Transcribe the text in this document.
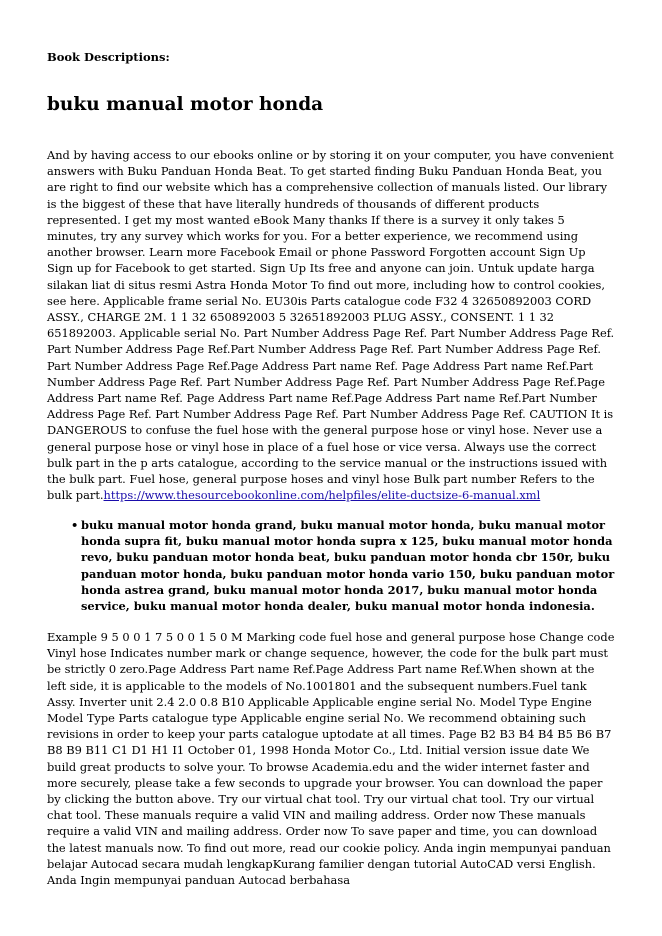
Book Descriptions:

buku manual motor honda

And by having access to our ebooks online or by storing it on your computer, you have convenient answers with Buku Panduan Honda Beat. To get started finding Buku Panduan Honda Beat, you are right to find our website which has a comprehensive collection of manuals listed. Our library is the biggest of these that have literally hundreds of thousands of different products represented. I get my most wanted eBook Many thanks If there is a survey it only takes 5 minutes, try any survey which works for you. For a better experience, we recommend using another browser. Learn more Facebook Email or phone Password Forgotten account Sign Up Sign up for Facebook to get started. Sign Up Its free and anyone can join. Untuk update harga silakan liat di situs resmi Astra Honda Motor To find out more, including how to control cookies, see here. Applicable frame serial No. EU30is Parts catalogue code F32 4 32650892003 CORD ASSY., CHARGE 2M. 1 1 32 650892003 5 32651892003 PLUG ASSY., CONSENT. 1 1 32 651892003. Applicable serial No. Part Number Address Page Ref. Part Number Address Page Ref. Part Number Address Page Ref.Part Number Address Page Ref. Part Number Address Page Ref. Part Number Address Page Ref.Page Address Part name Ref. Page Address Part name Ref.Part Number Address Page Ref. Part Number Address Page Ref. Part Number Address Page Ref.Page Address Part name Ref. Page Address Part name Ref.Page Address Part name Ref.Part Number Address Page Ref. Part Number Address Page Ref. Part Number Address Page Ref. CAUTION It is DANGEROUS to confuse the fuel hose with the general purpose hose or vinyl hose. Never use a general purpose hose or vinyl hose in place of a fuel hose or vice versa. Always use the correct bulk part in the p arts catalogue, according to the service manual or the instructions issued with the bulk part. Fuel hose, general purpose hoses and vinyl hose Bulk part number Refers to the bulk part.https://www.thesourcebookonline.com/helpfiles/elite-ductsize-6-manual.xml

• buku manual motor honda grand, buku manual motor honda, buku manual motor honda supra fit, buku manual motor honda supra x 125, buku manual motor honda revo, buku panduan motor honda beat, buku panduan motor honda cbr 150r, buku panduan motor honda, buku panduan motor honda vario 150, buku panduan motor honda astrea grand, buku manual motor honda 2017, buku manual motor honda service, buku manual motor honda dealer, buku manual motor honda indonesia.

Example 9 5 0 0 1 7 5 0 0 1 5 0 M Marking code fuel hose and general purpose hose Change code Vinyl hose Indicates number mark or change sequence, however, the code for the bulk part must be strictly 0 zero.Page Address Part name Ref.Page Address Part name Ref.When shown at the left side, it is applicable to the models of No.1001801 and the subsequent numbers.Fuel tank Assy. Inverter unit 2.4 2.0 0.8 B10 Applicable Applicable engine serial No. Model Type Engine Model Type Parts catalogue type Applicable engine serial No. We recommend obtaining such revisions in order to keep your parts catalogue uptodate at all times. Page B2 B3 B4 B4 B5 B6 B7 B8 B9 B11 C1 D1 H1 I1 October 01, 1998 Honda Motor Co., Ltd. Initial version issue date We build great products to solve your. To browse Academia.edu and the wider internet faster and more securely, please take a few seconds to upgrade your browser. You can download the paper by clicking the button above. Try our virtual chat tool. Try our virtual chat tool. Try our virtual chat tool. These manuals require a valid VIN and mailing address. Order now These manuals require a valid VIN and mailing address. Order now To save paper and time, you can download the latest manuals now. To find out more, read our cookie policy. Anda ingin mempunyai panduan belajar Autocad secara mudah lengkapKurang familier dengan tutorial AutoCAD versi English. Anda Ingin mempunyai panduan Autocad berbahasa
